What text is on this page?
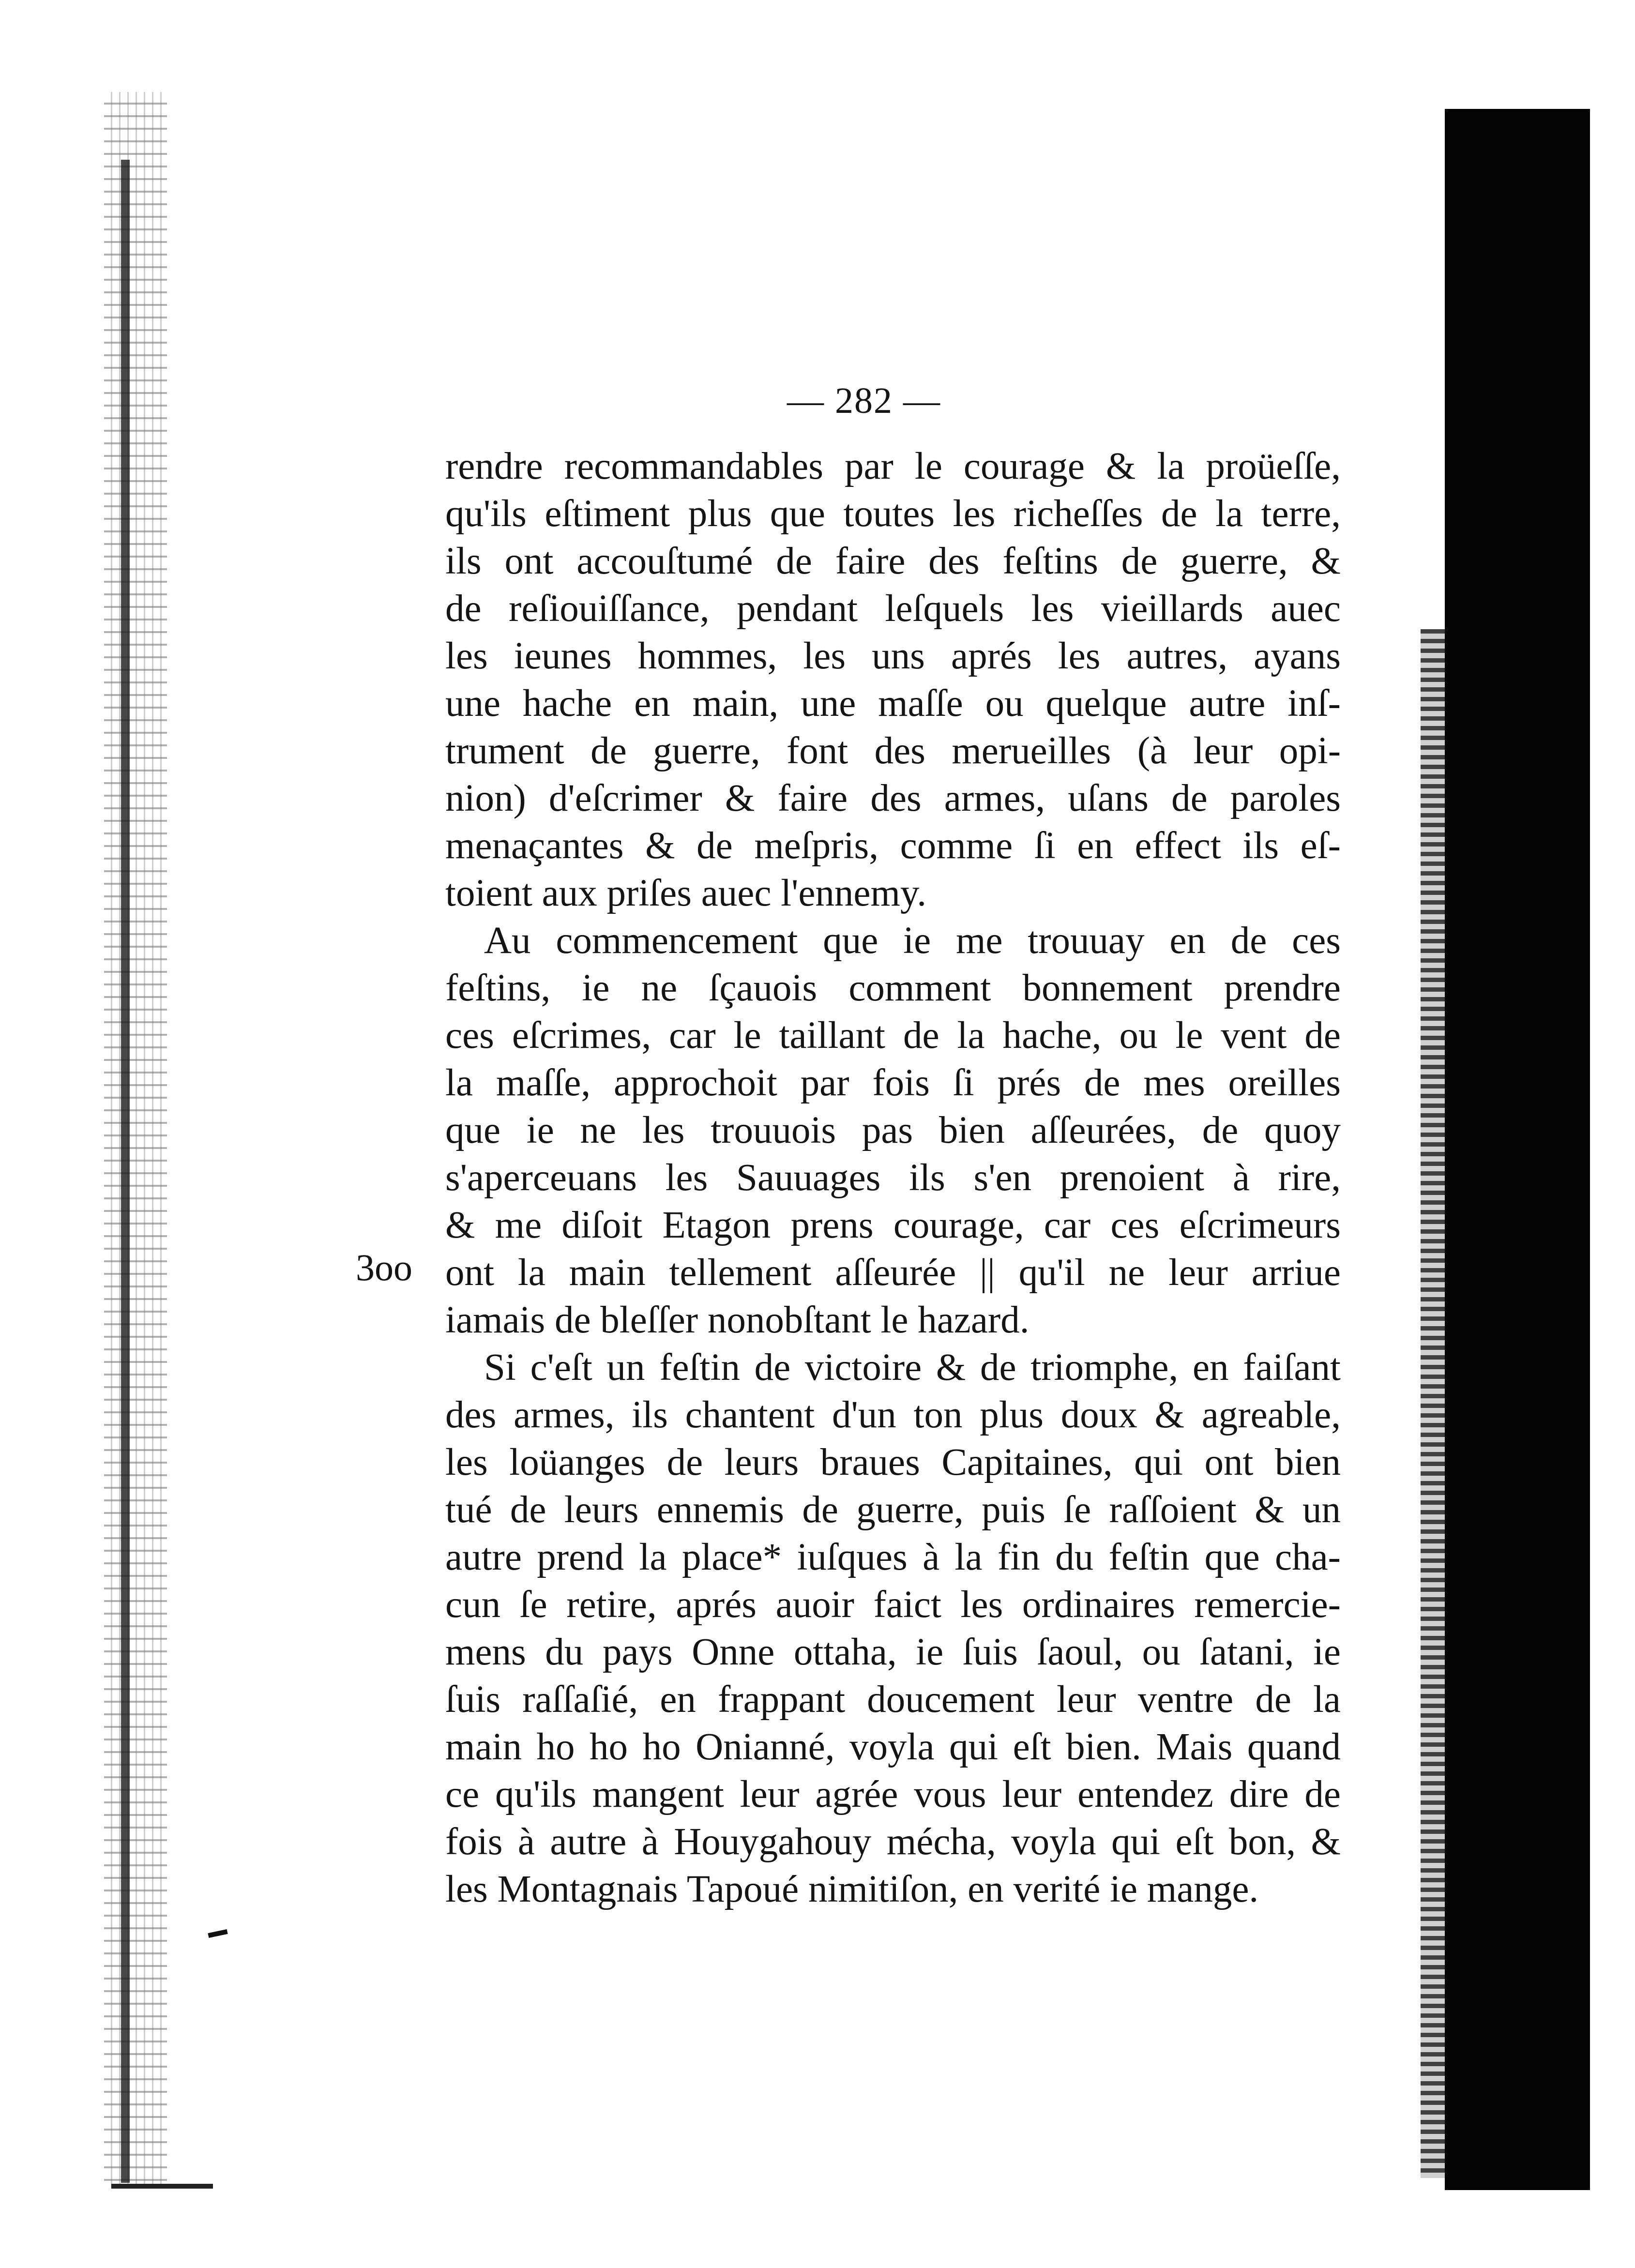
— 282 —
3oo
rendre recommandables par le courage & la proüeſſe,
qu'ils eſtiment plus que toutes les richeſſes de la terre,
ils ont accouſtumé de faire des feſtins de guerre, &
de reſiouiſſance, pendant leſquels les vieillards auec
les ieunes hommes, les uns aprés les autres, ayans
une hache en main, une maſſe ou quelque autre inſ-
trument de guerre, font des merueilles (à leur opi-
nion) d'eſcrimer & faire des armes, uſans de paroles
menaçantes & de meſpris, comme ſi en effect ils eſ-
toient aux priſes auec l'ennemy.
Au commencement que ie me trouuay en de ces
feſtins, ie ne ſçauois comment bonnement prendre
ces eſcrimes, car le taillant de la hache, ou le vent de
la maſſe, approchoit par fois ſi prés de mes oreilles
que ie ne les trouuois pas bien aſſeurées, de quoy
s'aperceuans les Sauuages ils s'en prenoient à rire,
& me diſoit Etagon prens courage, car ces eſcrimeurs
ont la main tellement aſſeurée || qu'il ne leur arriue
iamais de bleſſer nonobſtant le hazard.
Si c'eſt un feſtin de victoire & de triomphe, en faiſant
des armes, ils chantent d'un ton plus doux & agreable,
les loüanges de leurs braues Capitaines, qui ont bien
tué de leurs ennemis de guerre, puis ſe raſſoient & un
autre prend la place* iuſques à la fin du feſtin que cha-
cun ſe retire, aprés auoir faict les ordinaires remercie-
mens du pays Onne ottaha, ie ſuis ſaoul, ou ſatani, ie
ſuis raſſaſié, en frappant doucement leur ventre de la
main ho ho ho Onianné, voyla qui eſt bien. Mais quand
ce qu'ils mangent leur agrée vous leur entendez dire de
fois à autre à Houygahouy mécha, voyla qui eſt bon, &
les Montagnais Tapoué nimitiſon, en verité ie mange.
